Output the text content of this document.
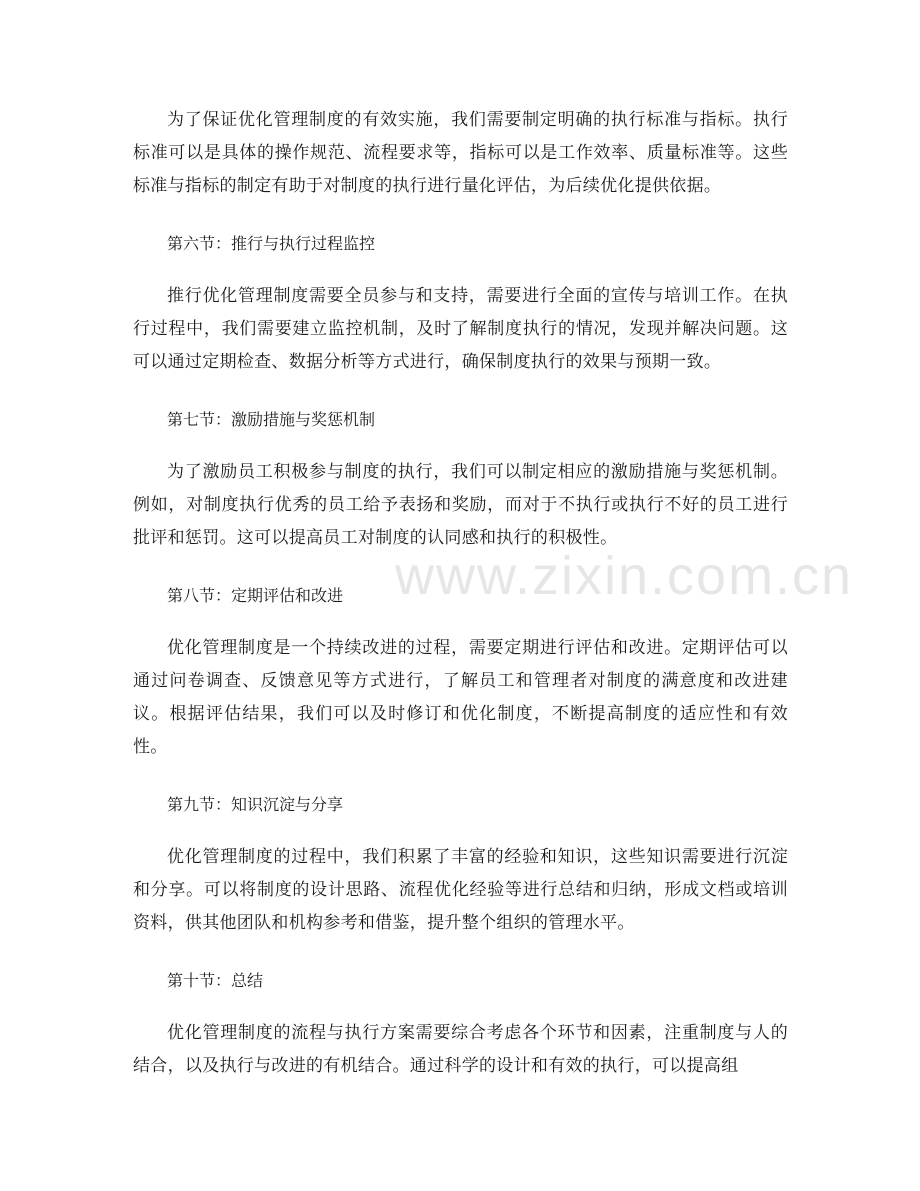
为了保证优化管理制度的有效实施，我们需要制定明确的执行标准与指标。执行标准可以是具体的操作规范、流程要求等，指标可以是工作效率、质量标准等。这些标准与指标的制定有助于对制度的执行进行量化评估，为后续优化提供依据。

第六节：推行与执行过程监控

推行优化管理制度需要全员参与和支持，需要进行全面的宣传与培训工作。在执行过程中，我们需要建立监控机制，及时了解制度执行的情况，发现并解决问题。这可以通过定期检查、数据分析等方式进行，确保制度执行的效果与预期一致。

第七节：激励措施与奖惩机制

为了激励员工积极参与制度的执行，我们可以制定相应的激励措施与奖惩机制。例如，对制度执行优秀的员工给予表扬和奖励，而对于不执行或执行不好的员工进行批评和惩罚。这可以提高员工对制度的认同感和执行的积极性。

第八节：定期评估和改进

优化管理制度是一个持续改进的过程，需要定期进行评估和改进。定期评估可以通过问卷调查、反馈意见等方式进行，了解员工和管理者对制度的满意度和改进建议。根据评估结果，我们可以及时修订和优化制度，不断提高制度的适应性和有效性。

第九节：知识沉淀与分享

优化管理制度的过程中，我们积累了丰富的经验和知识，这些知识需要进行沉淀和分享。可以将制度的设计思路、流程优化经验等进行总结和归纳，形成文档或培训资料，供其他团队和机构参考和借鉴，提升整个组织的管理水平。

第十节：总结

优化管理制度的流程与执行方案需要综合考虑各个环节和因素，注重制度与人的结合，以及执行与改进的有机结合。通过科学的设计和有效的执行，可以提高组

www.zixin.com.cn
